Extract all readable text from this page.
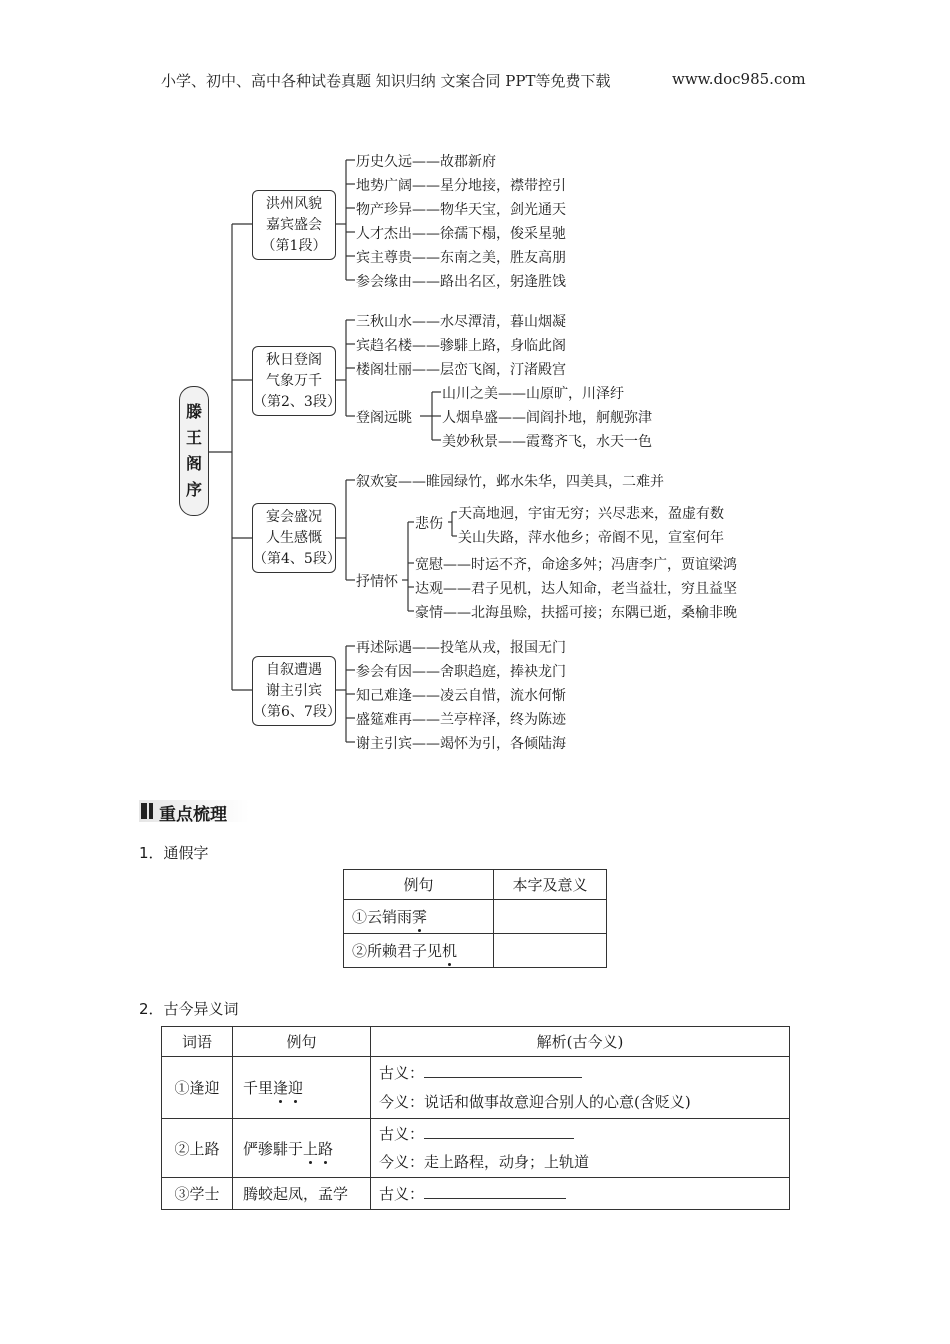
小学、初中、高中各种试卷真题 知识归纳 文案合同 PPT等免费下载	www.doc985.com
滕
王
阁
序
洪州风貌
嘉宾盛会
（第1段）
秋日登阁
气象万千
（第2、3段）
宴会盛况
人生感慨
（第4、5段）
自叙遭遇
谢主引宾
（第6、7段）
历史久远——故郡新府
地势广阔——星分地接，襟带控引
物产珍异——物华天宝，剑光通天
人才杰出——徐孺下榻，俊采星驰
宾主尊贵——东南之美，胜友高朋
参会缘由——路出名区，躬逢胜饯
三秋山水——水尽潭清，暮山烟凝
宾趋名楼——骖騑上路，身临此阁
楼阁壮丽——层峦飞阁，汀渚殿宫
登阁远眺
山川之美——山原旷，川泽纡
人烟阜盛——闾阎扑地，舸舰弥津
美妙秋景——霞鹜齐飞，水天一色
叙欢宴——睢园绿竹，邺水朱华，四美具，二难并
抒情怀
悲伤
天高地迥，宇宙无穷；兴尽悲来，盈虚有数
关山失路，萍水他乡；帝阍不见，宣室何年
宽慰——时运不齐，命途多舛；冯唐李广，贾谊梁鸿
达观——君子见机，达人知命，老当益壮，穷且益坚
豪情——北海虽赊，扶摇可接；东隅已逝，桑榆非晚
再述际遇——投笔从戎，报国无门
参会有因——舍职趋庭，捧袂龙门
知己难逢——凌云自惜，流水何惭
盛筵难再——兰亭梓泽，终为陈迹
谢主引宾——竭怀为引，各倾陆海
重点梳理
1．通假字
例句	本字及意义
①云销雨霁	
②所赖君子见机	
2．古今异义词
词语	例句	解析(古今义)
①逢迎	千里逢迎	古义：
今义：说话和做事故意迎合别人的心意(含贬义)

②上路	俨骖騑于上路	古义：
今义：走上路程，动身；上轨道

③学士	腾蛟起凤，孟学	古义：
